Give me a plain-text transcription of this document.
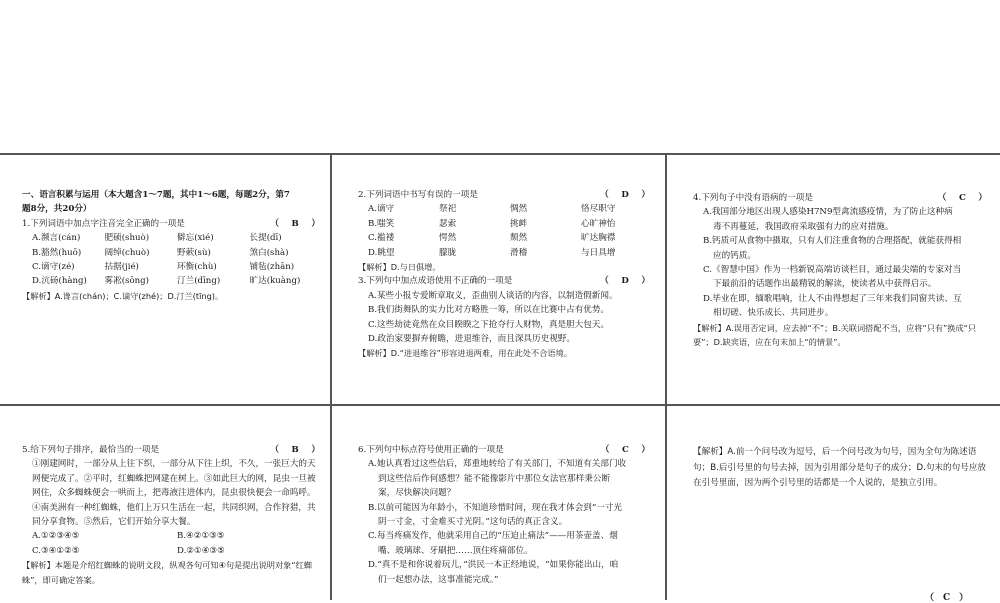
一、语言积累与运用（本大题含1～7题，其中1～6题，每题2分，第7

题8分，共20分）

1.下列词语中加点字注音完全正确的一项是	（　B　）

A.濒言(cán)	肥硕(shuò)	僻忘(xié)	长提(dī)
B.豁然(huō)	阔绰(chuò)	野蔌(sù)	煞白(shà)
C.谪守(zé)	拈据(jié)	环衡(chù)	铺毡(zhān)
D.沆砀(hàng)	雾凇(sōng)	汀兰(dīng)	旷达(kuàng)

【解析】A.谗言(chán)；C.谪守(zhé)；D.汀兰(tīng)。

2.下列词语中书写有误的一项是	（　D　）

A.谪守	祭祀	惆然	恪尽职守
B.嗤笑	瑟索	挑衅	心旷神怡
C.褴褛	愕然	颓然	旷达胸襟
D.眺望	朦胧	滑稽	与日具增

【解析】D.与日俱增。

3.下列句中加点成语使用不正确的一项是	（　D　）

A.某些小报专爱断章取义，歪曲别人谈话的内容，以制造假新闻。

B.我们街舞队的实力比对方略胜一筹，所以在比赛中占有优势。

C.这些劫徒竟然在众目睽睽之下抢夺行人财物，真是胆大包天。

D.政治家要摒弃俯瞻，进退维谷，而且深具历史视野。

【解析】D.“进退维谷”形容进退两难，用在此处不合语境。

4.下列句子中没有语病的一项是	（　C　）

A.我国部分地区出现人感染H7N9型禽流感疫情，为了防止这种病

毒不再蔓延，我国政府采取强有力的应对措施。

B.钙质可从食物中摄取，只有人们注重食物的合理搭配，就能获得相

应的钙质。

C.《智慧中国》作为一档新锐高端访谈栏目，通过最尖端的专家对当

下最前沿的话题作出最精锐的解读，使读者从中获得启示。

D.毕业在即，缅歌唱响，让人不由得想起了三年来我们同窗共读、互

相切磋、快乐成长、共同进步。

【解析】A.误用否定词，应去掉“不”；B.关联词搭配不当，应将“只有”换成“只要”；D.缺宾语，应在句末加上“的情景”。

5.给下列句子排序，最恰当的一项是	（　B　）

①刚建网时，一部分从上往下织，一部分从下往上织，不久，一张巨大的天网便完成了。②平时，红蜘蛛把网建在树上。③如此巨大的网，昆虫一旦被网住，众多蜘蛛便会一哄而上，把毒液注进体内，昆虫很快便会一命呜呼。④南美洲有一种红蜘蛛，他们上万只生活在一起，共同织网，合作狩猎，共同分享食物。⑤然后，它们开始分享大餐。

A.①②③④⑤	B.④②①③⑤
C.③④①②⑤	D.②①④③⑤

【解析】本题是介绍红蜘蛛的说明文段，纵观各句可知④句是提出说明对象“红蜘蛛”，即可确定答案。

6.下列句中标点符号使用正确的一项是	（　C　）

A.她认真看过这些信后，郑重地转给了有关部门，不知道有关部门收

到这些信后作何感想？能不能像影片中那位女法官那样秉公断

案，尽快解决问题？

B.以前可能因为年龄小，不知道珍惜时间，现在我才体会到“一寸光

阴一寸金，寸金难买寸光阴。”这句话的真正含义。

C.每当疼痛发作，他就采用自己的“压迫止痛法”——用茶壶盖、烟

嘴、玻璃球、牙刷把……顶住疼痛部位。

D.“真不是和你说着玩儿，”洪民一本正经地说，“如果你能出山，咱

们一起想办法，这事准能完成。”

【解析】A.前一个问号改为逗号，后一个问号改为句号，因为全句为陈述语句；B.后引号里的句号去掉，因为引用部分是句子的成分；D.句末的句号应放在引号里面，因为两个引号里的话都是一个人说的，是独立引用。

（　C　）
